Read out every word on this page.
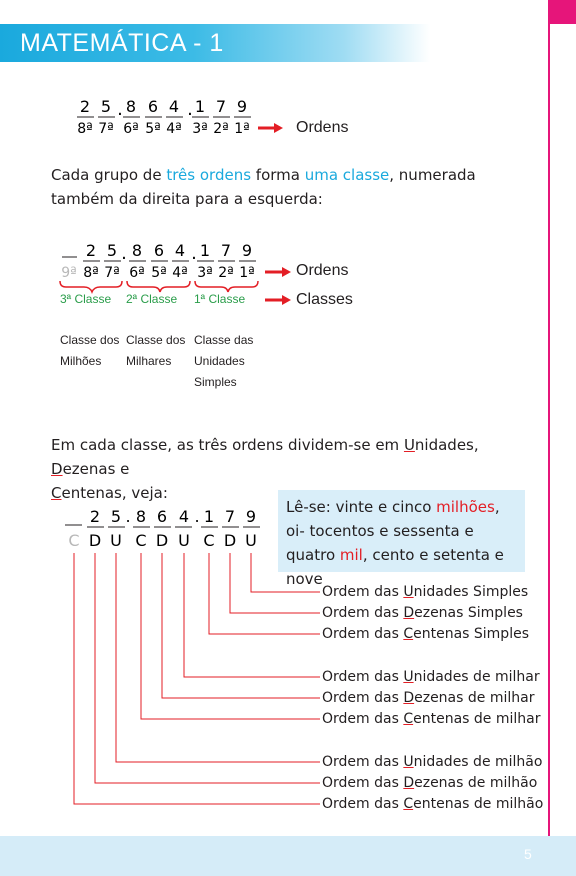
MATEMÁTICA - 1
2 5 · 8 6 4 · 1 7 9
8ª 7ª 6ª 5ª 4ª 3ª 2ª 1ª
2 5 · 8 6 4 · 1 7 9
9ª 8ª 7ª 6ª 5ª 4ª 3ª 2ª 1ª
2 5 . 8 6 4 . 1 7 9
C D U C D U C D U
Ordens
Cada grupo de três ordens forma uma classe, numerada também da direita para a esquerda:
Ordens
Classes
3ª Classe 2ª Classe 1ª Classe
Classe dos Milhões
Classe dos Milhares
Classe das Unidades Simples
Em cada classe, as três ordens dividem-se em Unidades, Dezenas e
Centenas, veja:
Lê-se: vinte e cinco milhões, oi- tocentos e sessenta e quatro mil, cento e setenta e nove
Ordem das Unidades Simples
Ordem das Dezenas Simples
Ordem das Centenas Simples
Ordem das Unidades de milhar
Ordem das Dezenas de milhar
Ordem das Centenas de milhar
Ordem das Unidades de milhão
Ordem das Dezenas de milhão
Ordem das Centenas de milhão
5
